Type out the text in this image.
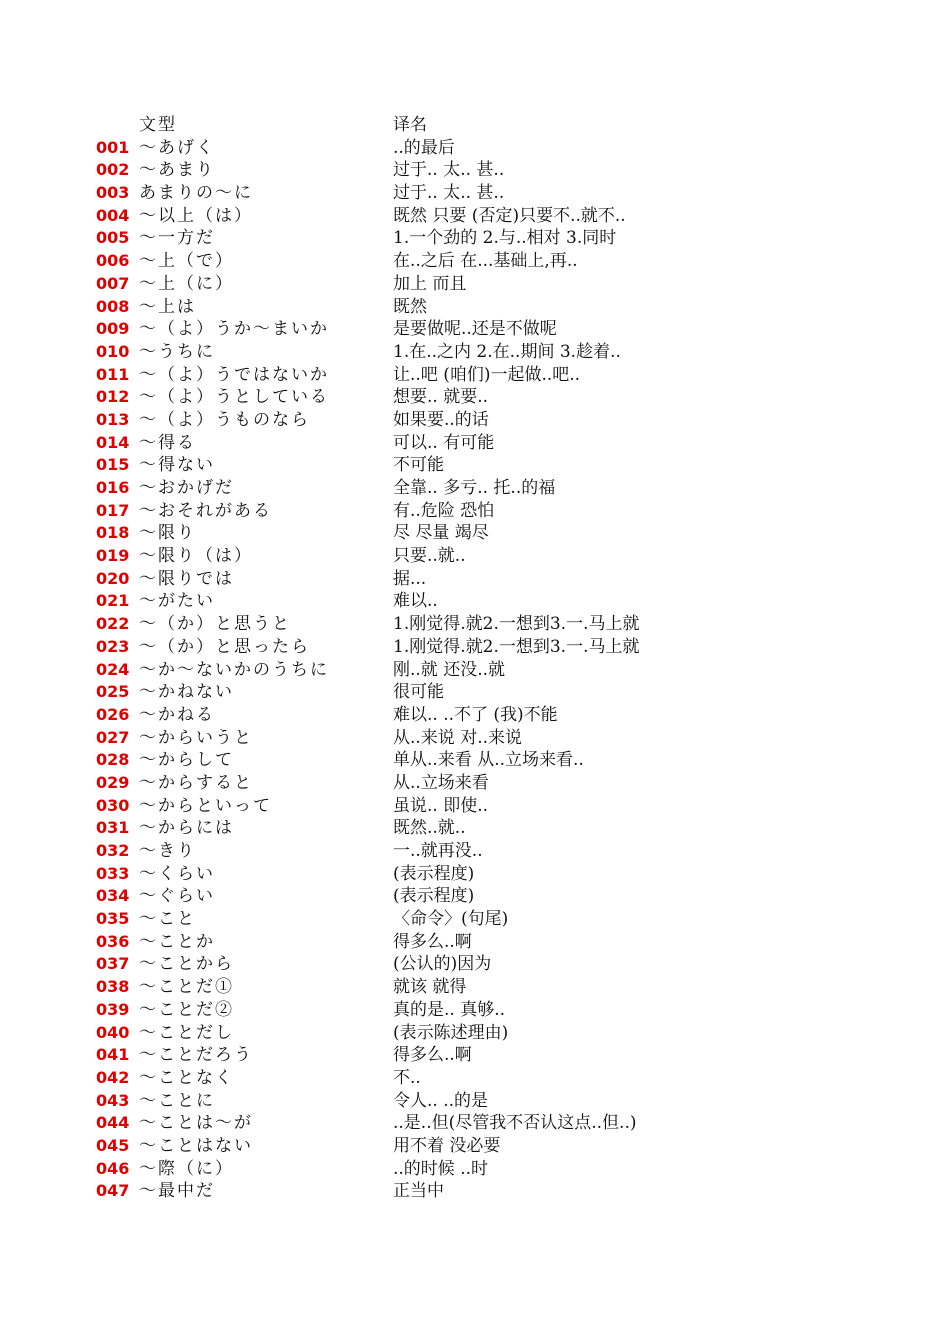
文型	译名
001 ～あげく	..的最后
002 ～あまり	过于.. 太.. 甚..
003 あまりの～に	过于.. 太.. 甚..
004 ～以上（は）	既然 只要 (否定)只要不..就不..
005 ～一方だ	1.一个劲的 2.与..相对 3.同时
006 ～上（で）	在..之后 在...基础上,再..
007 ～上（に）	加上 而且
008 ～上は	既然
009 ～（よ）うか～まいか	是要做呢..还是不做呢
010 ～うちに	1.在..之内 2.在..期间 3.趁着..
011 ～（よ）うではないか	让..吧 (咱们)一起做..吧..
012 ～（よ）うとしている	想要.. 就要..
013 ～（よ）うものなら	如果要..的话
014 ～得る	可以.. 有可能
015 ～得ない	不可能
016 ～おかげだ	全靠.. 多亏.. 托..的福
017 ～おそれがある	有..危险 恐怕
018 ～限り	尽 尽量 竭尽
019 ～限り（は）	只要..就..
020 ～限りでは	据...
021 ～がたい	难以..
022 ～（か）と思うと	1.刚觉得.就2.一想到3.一.马上就
023 ～（か）と思ったら	1.刚觉得.就2.一想到3.一.马上就
024 ～か～ないかのうちに	刚..就 还没..就
025 ～かねない	很可能
026 ～かねる	难以.. ..不了 (我)不能
027 ～からいうと	从..来说 对..来说
028 ～からして	单从..来看 从..立场来看..
029 ～からすると	从..立场来看
030 ～からといって	虽说.. 即使..
031 ～からには	既然..就..
032 ～きり	一..就再没..
033 ～くらい	(表示程度)
034 ～ぐらい	(表示程度)
035 ～こと	〈命令〉(句尾)
036 ～ことか	得多么..啊
037 ～ことから	(公认的)因为
038 ～ことだ①	就该 就得
039 ～ことだ②	真的是.. 真够..
040 ～ことだし	(表示陈述理由)
041 ～ことだろう	得多么..啊
042 ～ことなく	不..
043 ～ことに	令人.. ..的是
044 ～ことは～が	..是..但(尽管我不否认这点..但..)
045 ～ことはない	用不着 没必要
046 ～際（に）	..的时候 ..时
047 ～最中だ	正当中
